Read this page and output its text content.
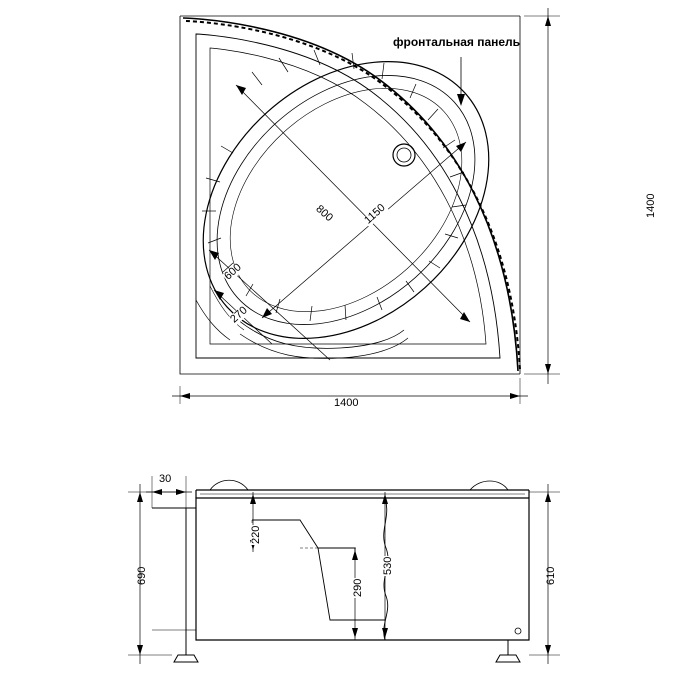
фронтальная панель
1400
1400
1150
800
600
270
30
690	610
220
530
290
